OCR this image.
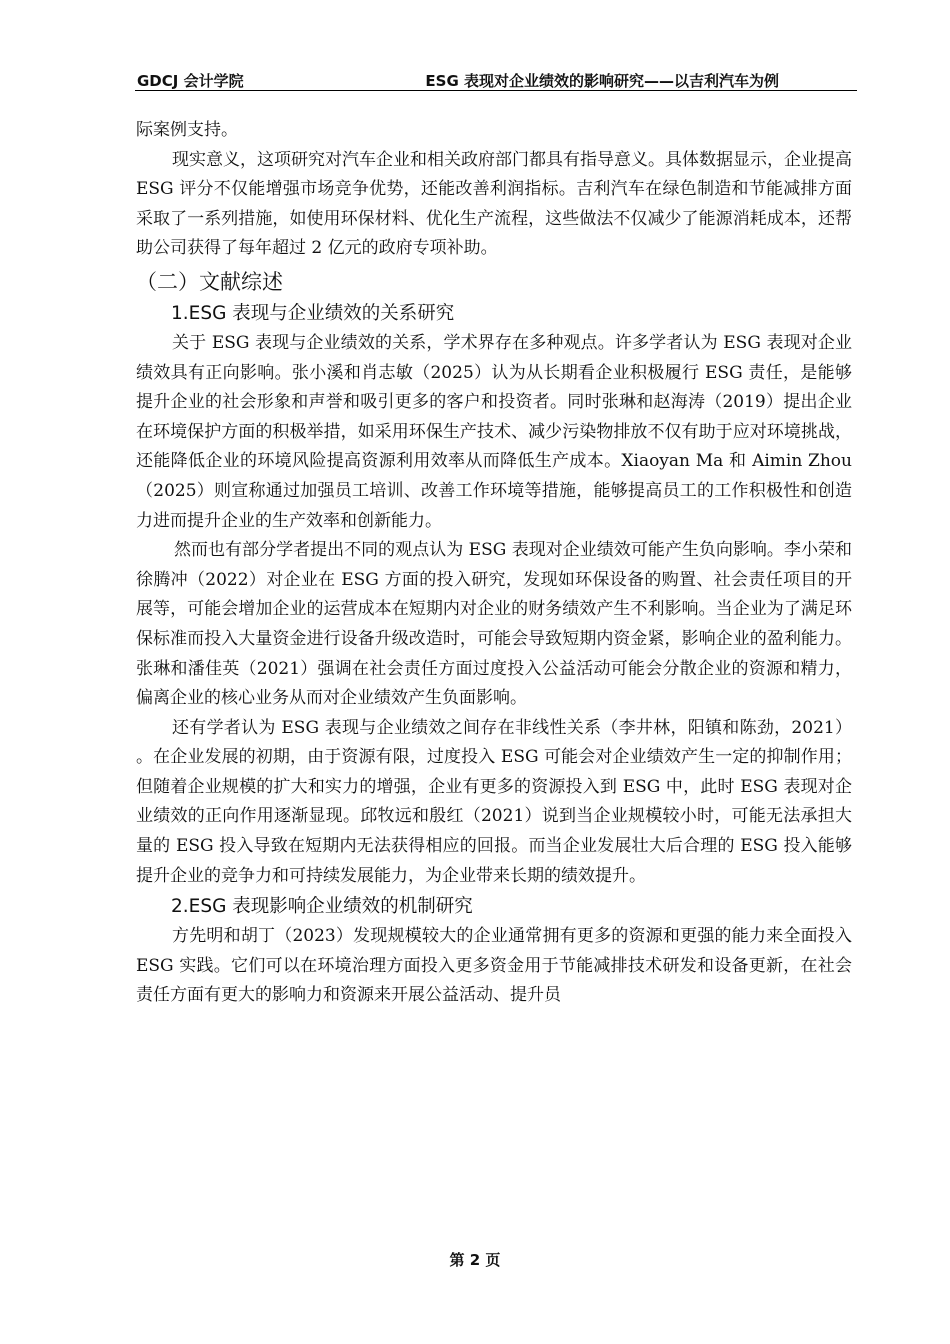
GDCJ 会计学院	ESG 表现对企业绩效的影响研究——以吉利汽车为例

际案例支持。

现实意义，这项研究对汽车企业和相关政府部门都具有指导意义。具体数据显示，企业提高 ESG 评分不仅能增强市场竞争优势，还能改善利润指标。吉利汽车在绿色制造和节能减排方面采取了一系列措施，如使用环保材料、优化生产流程，这些做法不仅减少了能源消耗成本，还帮助公司获得了每年超过 2 亿元的政府专项补助。

（二）文献综述
1.ESG 表现与企业绩效的关系研究

关于 ESG 表现与企业绩效的关系，学术界存在多种观点。许多学者认为 ESG 表现对企业绩效具有正向影响。张小溪和肖志敏（2025）认为从长期看企业积极履行 ESG 责任，是能够提升企业的社会形象和声誉和吸引更多的客户和投资者。同时张琳和赵海涛（2019）提出企业在环境保护方面的积极举措，如采用环保生产技术、减少污染物排放不仅有助于应对环境挑战，还能降低企业的环境风险提高资源利用效率从而降低生产成本。Xiaoyan Ma 和 Aimin Zhou（2025）则宣称通过加强员工培训、改善工作环境等措施，能够提高员工的工作积极性和创造力进而提升企业的生产效率和创新能力。

然而也有部分学者提出不同的观点认为 ESG 表现对企业绩效可能产生负向影响。李小荣和徐腾冲（2022）对企业在 ESG 方面的投入研究，发现如环保设备的购置、社会责任项目的开展等，可能会增加企业的运营成本在短期内对企业的财务绩效产生不利影响。当企业为了满足环保标准而投入大量资金进行设备升级改造时，可能会导致短期内资金紧，影响企业的盈利能力。张琳和潘佳英（2021）强调在社会责任方面过度投入公益活动可能会分散企业的资源和精力，偏离企业的核心业务从而对企业绩效产生负面影响。

还有学者认为 ESG 表现与企业绩效之间存在非线性关系（李井林，阳镇和陈劲，2021） 。在企业发展的初期，由于资源有限，过度投入 ESG 可能会对企业绩效产生一定的抑制作用；但随着企业规模的扩大和实力的增强，企业有更多的资源投入到 ESG 中，此时 ESG 表现对企业绩效的正向作用逐渐显现。邱牧远和殷红（2021）说到当企业规模较小时，可能无法承担大量的 ESG 投入导致在短期内无法获得相应的回报。而当企业发展壮大后合理的 ESG 投入能够提升企业的竞争力和可持续发展能力，为企业带来长期的绩效提升。

2.ESG 表现影响企业绩效的机制研究

方先明和胡丁（2023）发现规模较大的企业通常拥有更多的资源和更强的能力来全面投入 ESG 实践。它们可以在环境治理方面投入更多资金用于节能减排技术研发和设备更新，在社会责任方面有更大的影响力和资源来开展公益活动、提升员

第 2 页
